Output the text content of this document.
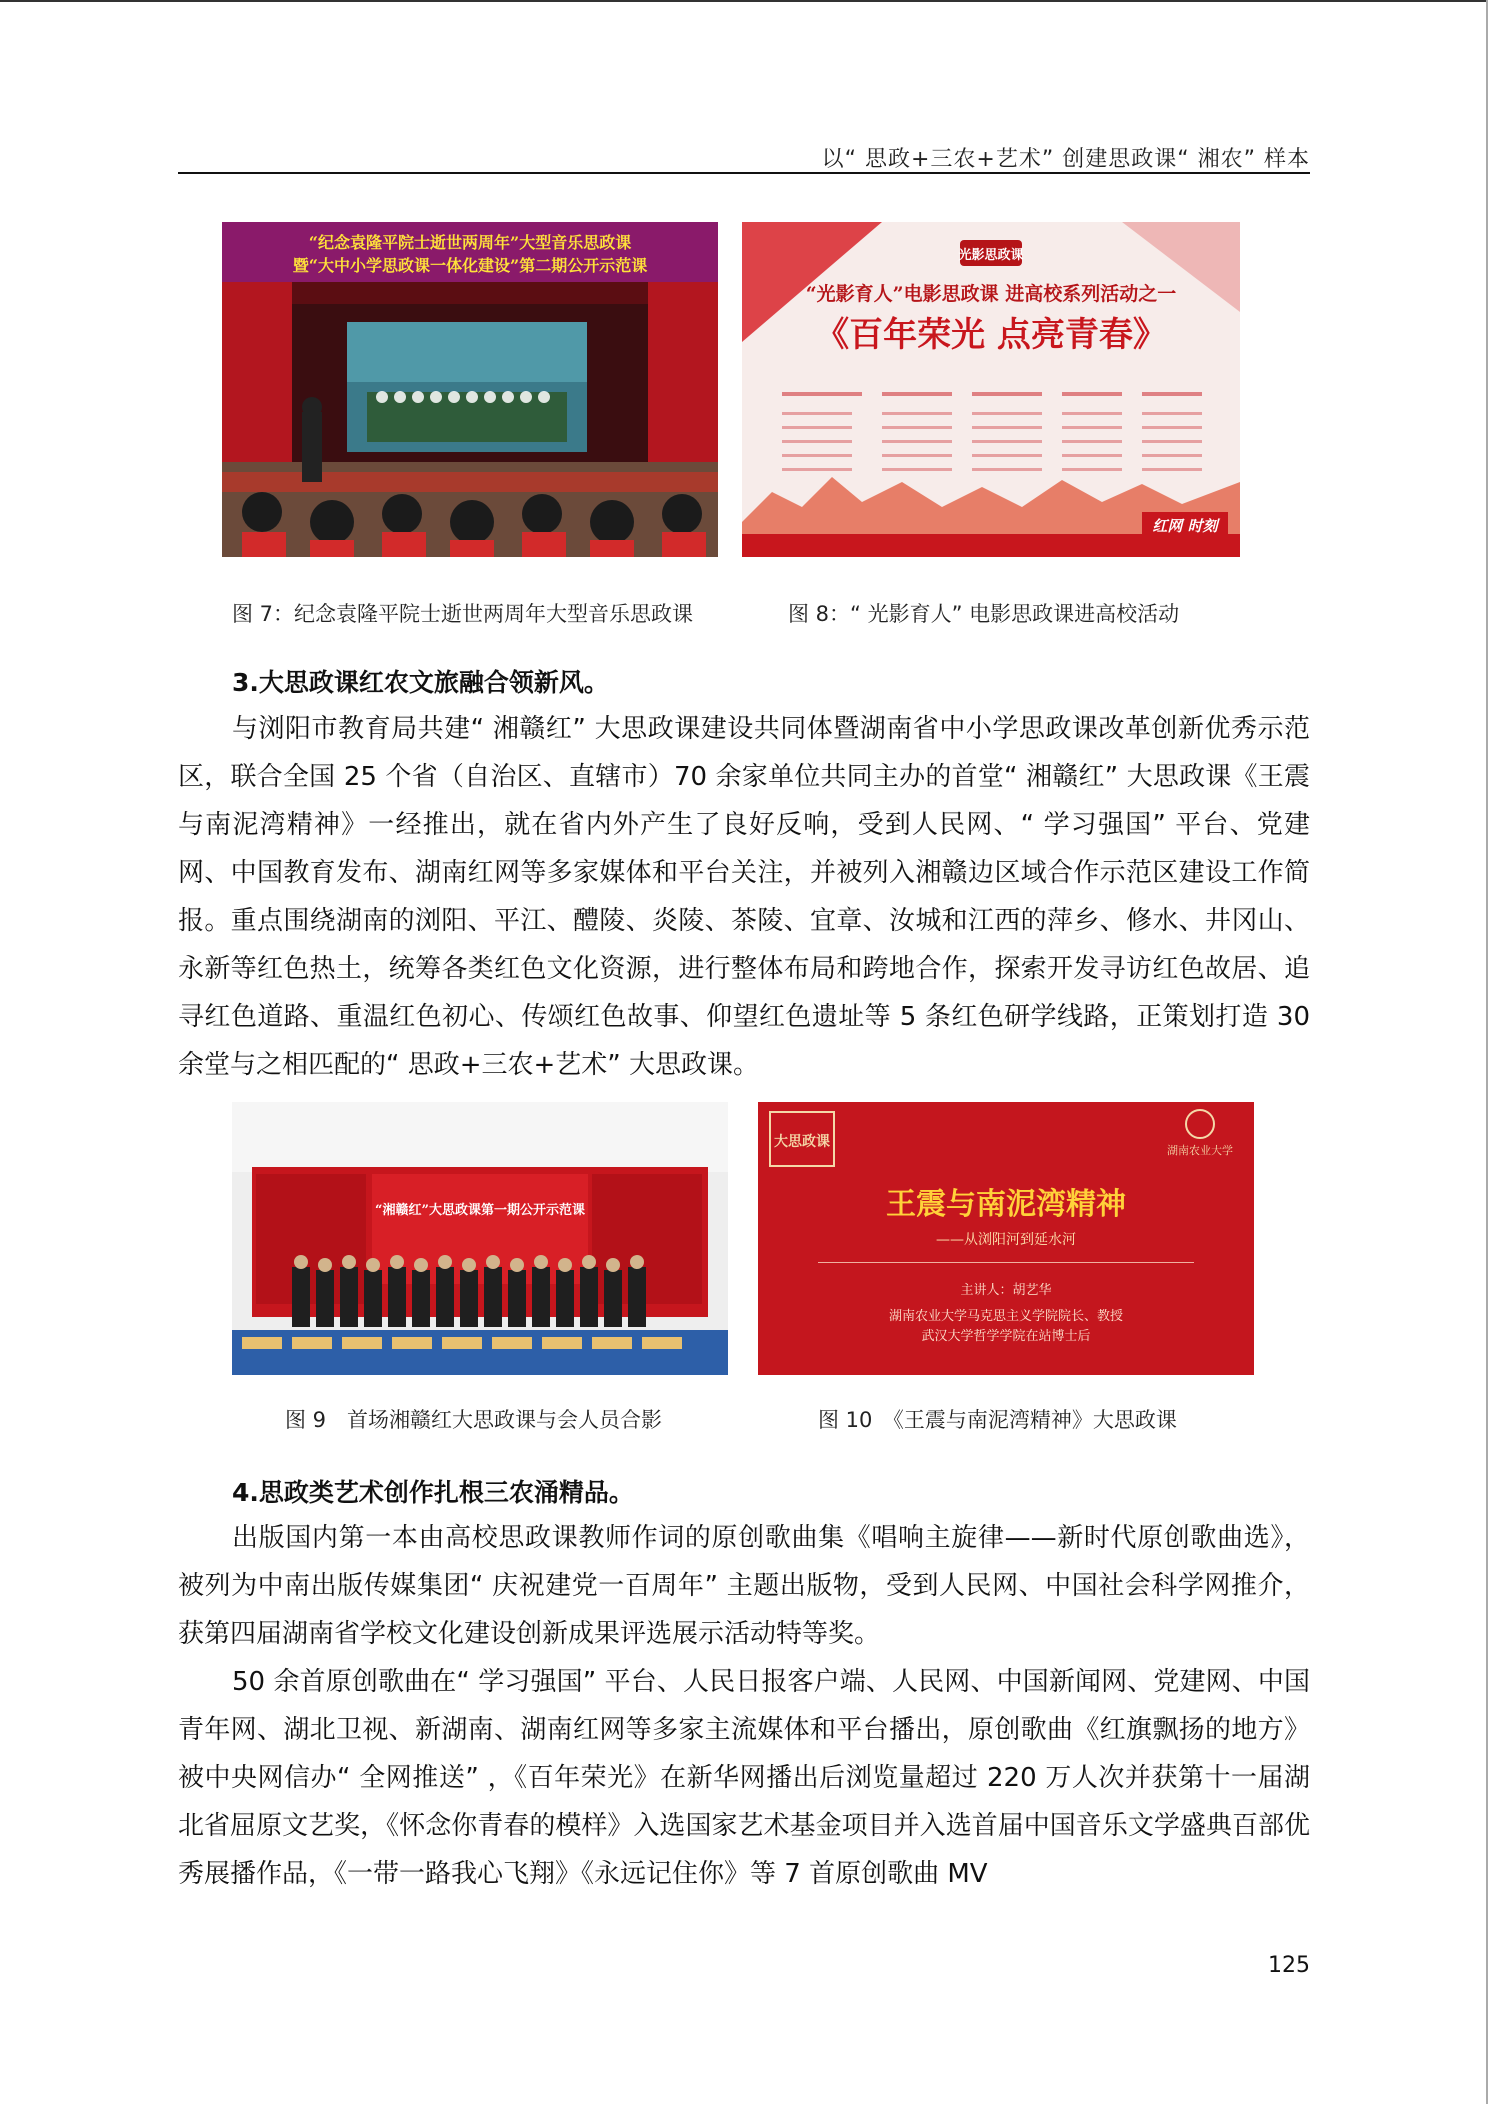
以“ 思政+三农+艺术” 创建思政课“ 湘农” 样本
“纪念袁隆平院士逝世两周年”大型音乐思政课
暨“大中小学思政课一体化建设”第二期公开示范课
图 7：纪念袁隆平院士逝世两周年大型音乐思政课
光影思政课
“光影育人”电影思政课 进高校系列活动之一
《百年荣光 点亮青春》
红网 时刻
图 8：“ 光影育人” 电影思政课进高校活动
3.大思政课红农文旅融合领新风。

与浏阳市教育局共建“ 湘赣红” 大思政课建设共同体暨湖南省中小学思政课改革创新优秀示范区，联合全国 25 个省（自治区、直辖市）70 余家单位共同主办的首堂“ 湘赣红” 大思政课《王震与南泥湾精神》一经推出，就在省内外产生了良好反响，受到人民网、“ 学习强国” 平台、党建网、中国教育发布、湖南红网等多家媒体和平台关注，并被列入湘赣边区域合作示范区建设工作简报。重点围绕湖南的浏阳、平江、醴陵、炎陵、茶陵、宜章、汝城和江西的萍乡、修水、井冈山、永新等红色热土，统筹各类红色文化资源，进行整体布局和跨地合作，探索开发寻访红色故居、追寻红色道路、重温红色初心、传颂红色故事、仰望红色遗址等 5 条红色研学线路，正策划打造 30 余堂与之相匹配的“ 思政+三农+艺术” 大思政课。

“湘赣红”大思政课第一期公开示范课
图 9　首场湘赣红大思政课与会人员合影
大思政课
湖南农业大学
王震与南泥湾精神
——从浏阳河到延水河
主讲人：胡艺华
湖南农业大学马克思主义学院院长、教授
武汉大学哲学学院在站博士后
图 10　《王震与南泥湾精神》大思政课
4.思政类艺术创作扎根三农涌精品。

出版国内第一本由高校思政课教师作词的原创歌曲集《唱响主旋律——新时代原创歌曲选》，被列为中南出版传媒集团“ 庆祝建党一百周年” 主题出版物，受到人民网、中国社会科学网推介，获第四届湖南省学校文化建设创新成果评选展示活动特等奖。

50 余首原创歌曲在“ 学习强国” 平台、人民日报客户端、人民网、中国新闻网、党建网、中国青年网、湖北卫视、新湖南、湖南红网等多家主流媒体和平台播出，原创歌曲《红旗飘扬的地方》被中央网信办“ 全网推送” ，《百年荣光》在新华网播出后浏览量超过 220 万人次并获第十一届湖北省屈原文艺奖，《怀念你青春的模样》入选国家艺术基金项目并入选首届中国音乐文学盛典百部优秀展播作品，《一带一路我心飞翔》《永远记住你》等 7 首原创歌曲 MV

125
